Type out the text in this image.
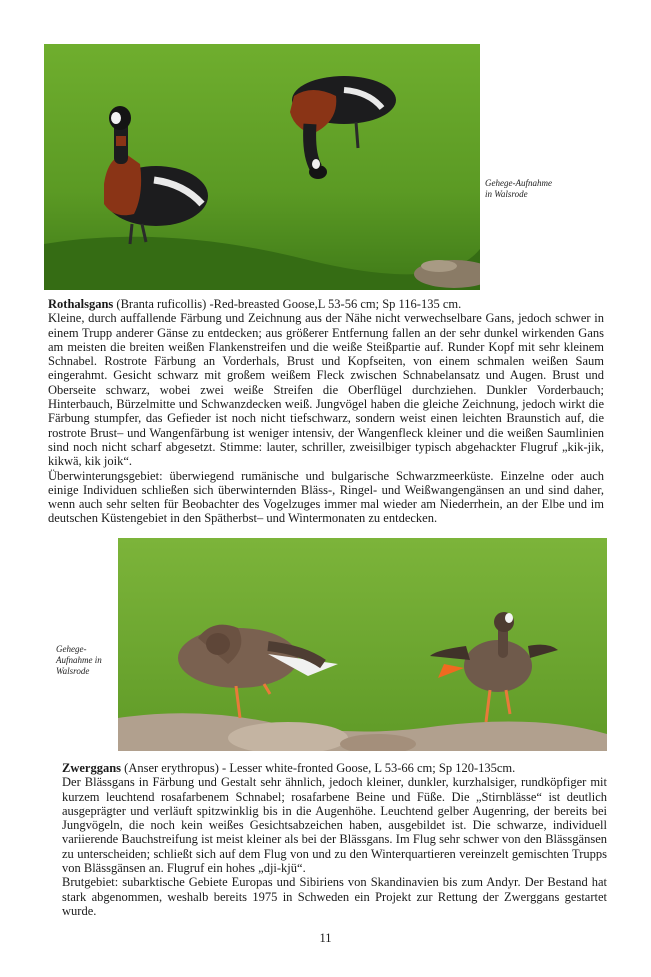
Gehege-Aufnahme
in Walsrode

Rothalsgans (Branta ruficollis) -Red-breasted Goose,L 53-56 cm; Sp 116-135 cm.

Kleine, durch auffallende Färbung und Zeichnung aus der Nähe nicht verwechselbare Gans, jedoch schwer in einem Trupp anderer Gänse zu entdecken; aus größerer Entfernung fallen an der sehr dunkel wirkenden Gans am meisten die breiten weißen Flankenstreifen und die weiße Steißpartie auf. Runder Kopf mit sehr kleinem Schnabel. Rostrote Färbung an Vorderhals, Brust und Kopfseiten, von einem schmalen weißen Saum eingerahmt. Gesicht schwarz mit großem weißem Fleck zwischen Schnabelansatz und Augen. Brust und Oberseite schwarz, wobei zwei weiße Streifen die Oberflügel durchziehen. Dunkler Vorderbauch; Hinterbauch, Bürzelmitte und Schwanzdecken weiß. Jungvögel haben die gleiche Zeichnung, jedoch wirkt die Färbung stumpfer, das Gefieder ist noch nicht tiefschwarz, sondern weist einen leichten Braunstich auf, die rostrote Brust– und Wangenfärbung ist weniger intensiv, der Wangenfleck kleiner und die weißen Saumlinien sind noch nicht scharf abgesetzt. Stimme: lauter, schriller, zweisilbiger typisch abgehackter Flugruf „kik-jik, kikwä, kik joik“.

Überwinterungsgebiet: überwiegend rumänische und bulgarische Schwarzmeerküste. Einzelne oder auch einige Individuen schließen sich überwinternden Bläss-, Ringel- und Weißwangengänsen an und sind daher, wenn auch sehr selten für Beobachter des Vogelzuges immer mal wieder am Niederrhein, an der Elbe und im deutschen Küstengebiet in den Spätherbst– und Wintermonaten zu entdecken.

Gehege-
Aufnahme in
Walsrode

Zwerggans (Anser erythropus) - Lesser white-fronted Goose, L 53-66 cm; Sp 120-135cm.

Der Blässgans in Färbung und Gestalt sehr ähnlich, jedoch kleiner, dunkler, kurzhalsiger, rundköpfiger mit kurzem leuchtend rosafarbenem Schnabel; rosafarbene Beine und Füße. Die „Stirnblässe“ ist deutlich ausgeprägter und verläuft spitzwinklig bis in die Augenhöhe. Leuchtend gelber Augenring, der bereits bei Jungvögeln, die noch kein weißes Gesichtsabzeichen haben, ausgebildet ist. Die schwarze, individuell variierende Bauchstreifung ist meist kleiner als bei der Blässgans. Im Flug sehr schwer von den Blässgänsen zu unterscheiden; schließt sich auf dem Flug von und zu den Winterquartieren vereinzelt gemischten Trupps von Blässgänsen an. Flugruf ein hohes „dji-kjü“.

Brutgebiet: subarktische Gebiete Europas und Sibiriens von Skandinavien bis zum Andyr. Der Bestand hat stark abgenommen, weshalb bereits 1975 in Schweden ein Projekt zur Rettung der Zwerggans gestartet wurde.

11
